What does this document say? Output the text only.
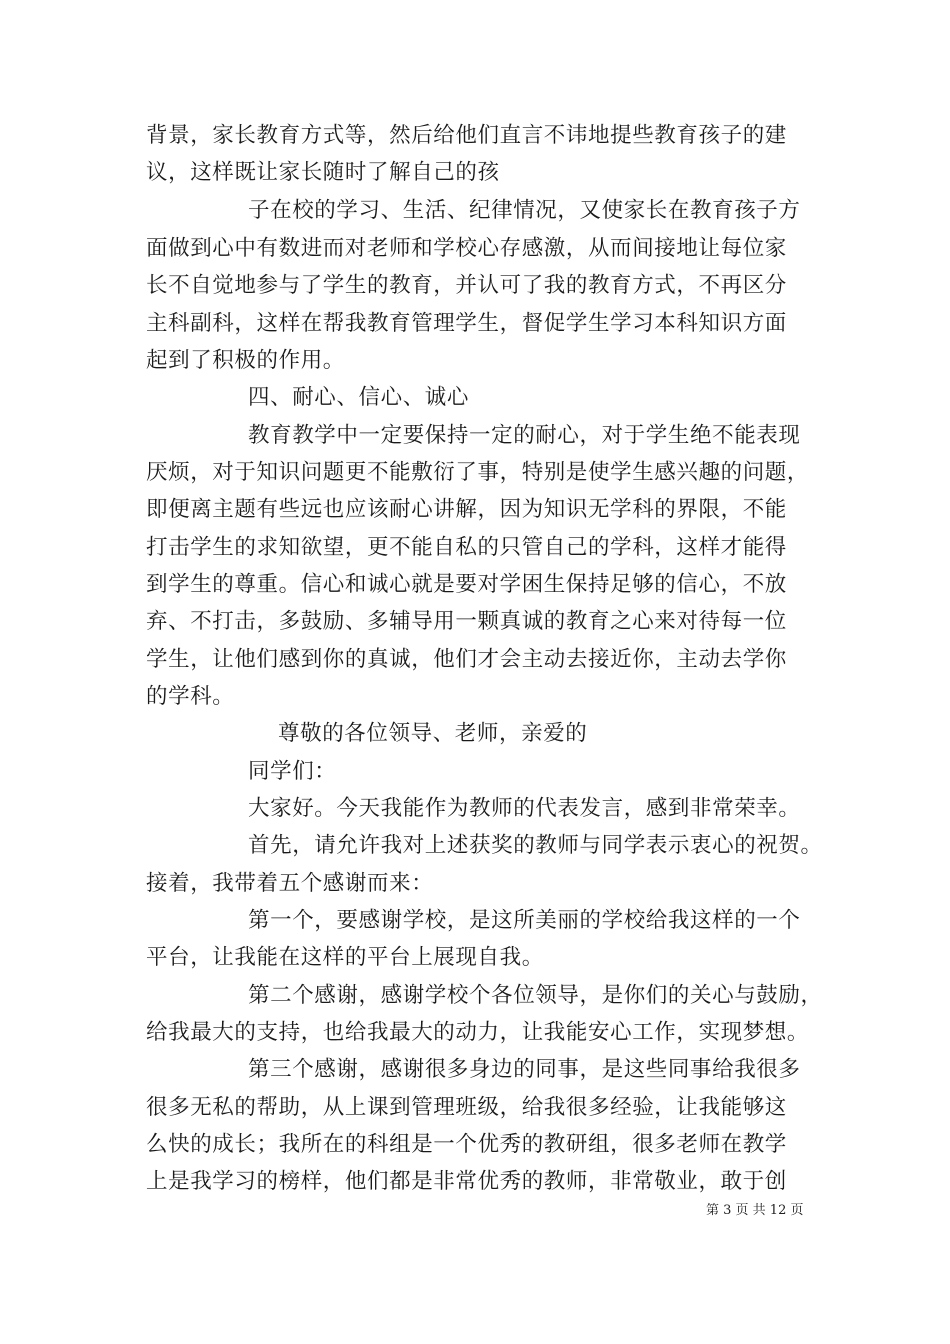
背景，家长教育方式等，然后给他们直言不讳地提些教育孩子的建
议，这样既让家长随时了解自己的孩
子在校的学习、生活、纪律情况，又使家长在教育孩子方
面做到心中有数进而对老师和学校心存感激，从而间接地让每位家
长不自觉地参与了学生的教育，并认可了我的教育方式，不再区分
主科副科，这样在帮我教育管理学生，督促学生学习本科知识方面
起到了积极的作用。
四、耐心、信心、诚心
教育教学中一定要保持一定的耐心，对于学生绝不能表现
厌烦，对于知识问题更不能敷衍了事，特别是使学生感兴趣的问题，
即便离主题有些远也应该耐心讲解，因为知识无学科的界限，不能
打击学生的求知欲望，更不能自私的只管自己的学科，这样才能得
到学生的尊重。信心和诚心就是要对学困生保持足够的信心，不放
弃、不打击，多鼓励、多辅导用一颗真诚的教育之心来对待每一位
学生，让他们感到你的真诚，他们才会主动去接近你，主动去学你
的学科。
尊敬的各位领导、老师，亲爱的
同学们：
大家好。今天我能作为教师的代表发言，感到非常荣幸。
首先，请允许我对上述获奖的教师与同学表示衷心的祝贺。
接着，我带着五个感谢而来：
第一个，要感谢学校，是这所美丽的学校给我这样的一个
平台，让我能在这样的平台上展现自我。
第二个感谢，感谢学校个各位领导，是你们的关心与鼓励，
给我最大的支持，也给我最大的动力，让我能安心工作，实现梦想。
第三个感谢，感谢很多身边的同事，是这些同事给我很多
很多无私的帮助，从上课到管理班级，给我很多经验，让我能够这
么快的成长；我所在的科组是一个优秀的教研组，很多老师在教学
上是我学习的榜样，他们都是非常优秀的教师，非常敬业，敢于创
第 3 页 共 12 页
